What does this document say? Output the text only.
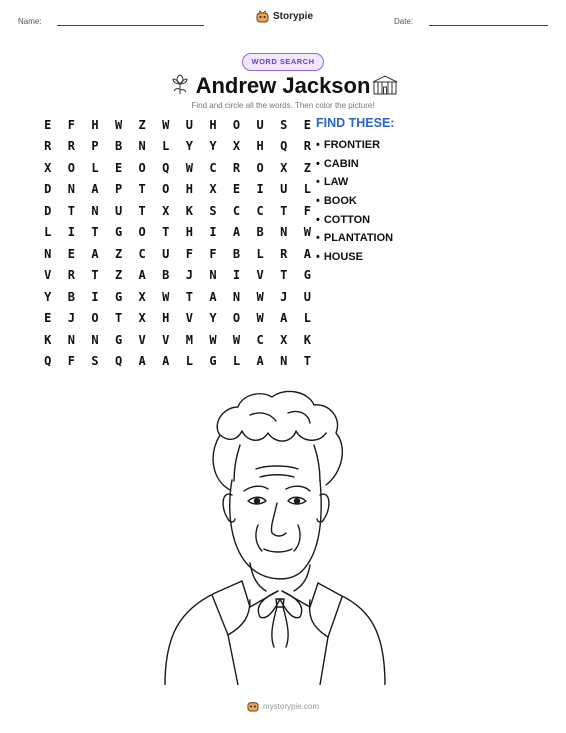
Name:	Storypie	Date:
WORD SEARCH
Andrew Jackson
Find and circle all the words. Then color the picture!
E	F	H	W	Z	W	U	H	O	U	S	E
R	R	P	B	N	L	Y	Y	X	H	Q	R
X	O	L	E	O	Q	W	C	R	O	X	Z
D	N	A	P	T	O	H	X	E	I	U	L
D	T	N	U	T	X	K	S	C	C	T	F
L	I	T	G	O	T	H	I	A	B	N	W
N	E	A	Z	C	U	F	F	B	L	R	A
V	R	T	Z	A	B	J	N	I	V	T	G
Y	B	I	G	X	W	T	A	N	W	J	U
E	J	O	T	X	H	V	Y	O	W	A	L
K	N	N	G	V	V	M	W	W	C	X	K
Q	F	S	Q	A	A	L	G	L	A	N	T
FIND THESE:
• FRONTIER
• CABIN
• LAW
• BOOK
• COTTON
• PLANTATION
• HOUSE
mystorypie.com
